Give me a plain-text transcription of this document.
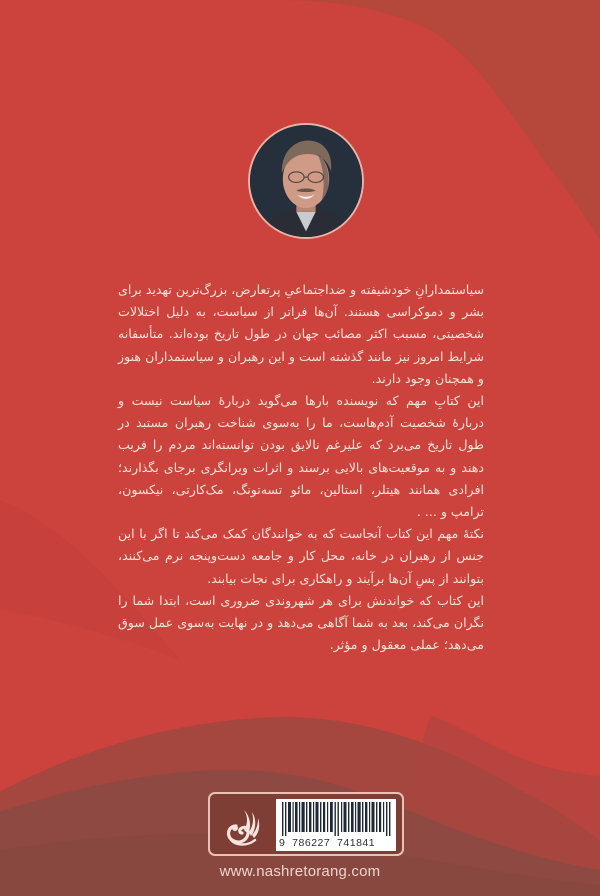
سیاستمدارانِ خودشیفته و ضداجتماعیِ پرتعارض، بزرگ‌ترین تهدید برای بشر و دموکراسی هستند. آن‌ها فراتر از سیاست، به دلیل اختلالات شخصیتی، مسبب اکثر مصائب جهان در طول تاریخ بوده‌اند. متأسفانه شرایط امروز نیز مانند گذشته است و این رهبران و سیاستمداران هنوز و همچنان وجود دارند.

این کتابِ مهم که نویسنده بارها می‌گوید دربارهٔ سیاست نیست و دربارهٔ شخصیت آدم‌هاست، ما را به‌سوی شناخت رهبران مستبد در طول تاریخ می‌برد که علیرغم نالایق بودن توانسته‌اند مردم را فریب دهند و به موقعیت‌های بالایی برسند و اثرات ویرانگری برجای بگذارند؛ افرادی همانند هیتلر، استالین، مائو تسه‌تونگ، مک‌کارتی، نیکسون، ترامپ و ... .

نکتهٔ مهم این کتاب آنجاست که به خوانندگان کمک می‌کند تا اگر با این جنس از رهبران در خانه، محل کار و جامعه دست‌وپنجه نرم می‌کنند، بتوانند از پسِ آن‌ها برآیند و راهکاری برای نجات بیابند.

این کتاب که خواندنش برای هر شهروندی ضروری است، ابتدا شما را نگران می‌کند، بعد به شما آگاهی می‌دهد و در نهایت به‌سوی عمل سوق می‌دهد؛ عملی معقول و مؤثر.

9  786227  741841
www.nashretorang.com
